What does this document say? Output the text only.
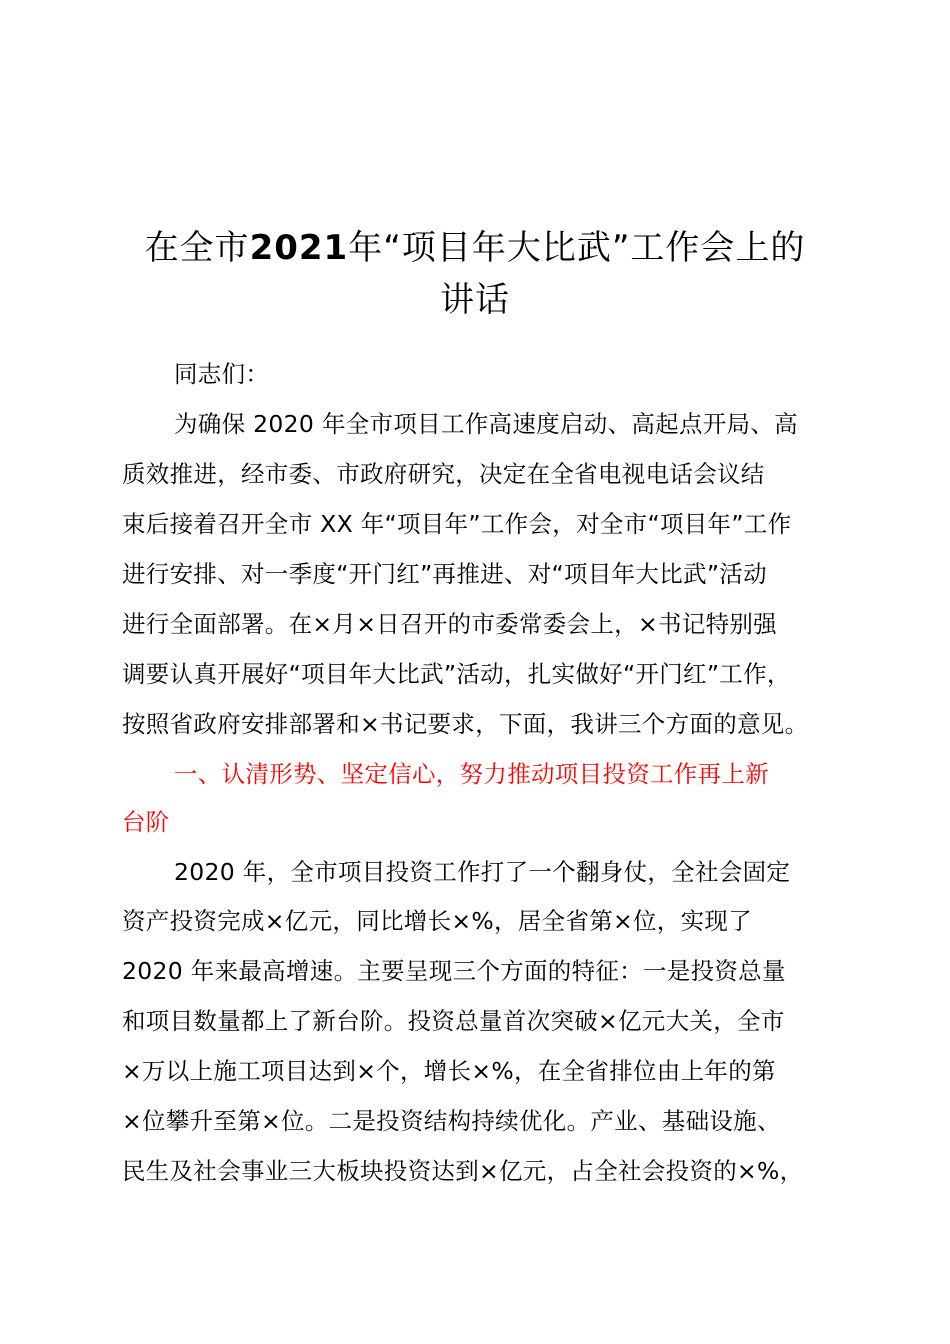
在全市2021年“项目年大比武”工作会上的
讲话
同志们：
为确保 2020 年全市项目工作高速度启动、高起点开局、高
质效推进，经市委、市政府研究，决定在全省电视电话会议结
束后接着召开全市 XX 年“项目年”工作会，对全市“项目年”工作
进行安排、对一季度“开门红”再推进、对“项目年大比武”活动
进行全面部署。在×月×日召开的市委常委会上，×书记特别强
调要认真开展好“项目年大比武”活动，扎实做好“开门红”工作，
按照省政府安排部署和×书记要求，下面，我讲三个方面的意见。
一、认清形势、坚定信心，努力推动项目投资工作再上新
台阶
2020 年，全市项目投资工作打了一个翻身仗，全社会固定
资产投资完成×亿元，同比增长×%，居全省第×位，实现了
2020 年来最高增速。主要呈现三个方面的特征：一是投资总量
和项目数量都上了新台阶。投资总量首次突破×亿元大关，全市
×万以上施工项目达到×个，增长×%，在全省排位由上年的第
×位攀升至第×位。二是投资结构持续优化。产业、基础设施、
民生及社会事业三大板块投资达到×亿元，占全社会投资的×%，
